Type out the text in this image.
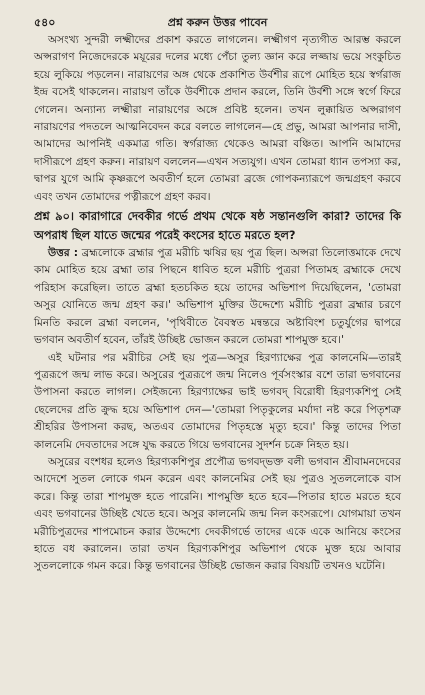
৫৪০	প্রশ্ন করুন উত্তর পাবেন

অসংখ্য সুন্দরী লক্ষ্মীদের প্রকাশ করতে লাগলেন। লক্ষ্মীগণ নৃত্যগীত আরম্ভ করলে অপ্সরাগণ নিজেদেরকে ময়ূরের দলের মধ্যে পেঁচা তুল্য জ্ঞান করে লজ্জায় ভয়ে সংকুচিত হয়ে লুকিয়ে পড়লেন। নারায়ণের অঙ্গ থেকে প্রকাশিত উর্বশীর রূপে মোহিত হয়ে স্বর্গরাজ ইন্দ্র বসেই থাকলেন। নারায়ণ তাঁকে উর্বশীকে প্রদান করলে, তিনি উর্বশী সঙ্গে স্বর্গে ফিরে গেলেন। অন্যান্য লক্ষ্মীরা নারায়ণের অঙ্গে প্রবিষ্ট হলেন। তখন লুক্কায়িত অপ্সরাগণ নারায়ণের পদতলে আত্মনিবেদন করে বলতে লাগলেন—হে প্রভু, আমরা আপনার দাসী, আমাদের আপনিই একমাত্র গতি। স্বর্গরাজ্য থেকেও আমরা বঞ্চিত। আপনি আমাদের দাসীরূপে গ্রহণ করুন। নারায়ণ বললেন—এখন সত্যযুগ। এখন তোমরা ধ্যান তপস্যা কর, দ্বাপর যুগে আমি কৃষ্ণরূপে অবতীর্ণ হলে তোমরা ব্রজে গোপকন্যারূপে জন্মগ্রহণ করবে এবং তখন তোমাদের পত্নীরূপে গ্রহণ করব।

প্রশ্ন ৯০। কারাগারে দেবকীর গর্ভে প্রথম থেকে ষষ্ঠ সন্তানগুলি কারা? তাদের কি অপরাধ ছিল যাতে জন্মের পরেই কংসের হাতে মরতে হল?

উত্তর : ব্রহ্মলোকে ব্রহ্মার পুত্র মরীচি ঋষির ছয় পুত্র ছিল। অপ্সরা তিলোত্তমাকে দেখে কাম মোহিত হয়ে ব্রহ্মা তার পিছনে ধাবিত হলে মরীচি পুত্ররা পিতামহ ব্রহ্মাকে দেখে পরিহাস করেছিল। তাতে ব্রহ্মা হতচকিত হয়ে তাদের অভিশাপ দিয়েছিলেন, 'তোমরা অসুর যোনিতে জন্ম গ্রহণ কর।' অভিশাপ মুক্তির উদ্দেশ্যে মরীচি পুত্ররা ব্রহ্মার চরণে মিনতি করলে ব্রহ্মা বললেন, 'পৃথিবীতে বৈবস্বত মন্বন্তরে অষ্টাবিংশ চতুর্যুগের দ্বাপরে ভগবান অবতীর্ণ হবেন, তাঁরই উচ্ছিষ্ট ভোজন করলে তোমরা শাপমুক্ত হবে।'

এই ঘটনার পর মরীচির সেই ছয় পুত্র—অসুর হিরণ্যাক্ষের পুত্র কালনেমি—তারই পুত্ররূপে জন্ম লাভ করে। অসুরের পুত্ররূপে জন্ম নিলেও পূর্বসংস্কার বশে তারা ভগবানের উপাসনা করতে লাগল। সেইজন্যে হিরণ্যাক্ষের ভাই ভগবদ্ বিরোধী হিরণ্যকশিপু সেই ছেলেদের প্রতি ক্রুদ্ধ হয়ে অভিশাপ দেন—'তোমরা পিতৃকুলের মর্যাদা নষ্ট করে পিতৃশত্রু শ্রীহরির উপাসনা করছ, অতএব তোমাদের পিতৃহস্তে মৃত্যু হবে।' কিন্তু তাদের পিতা কালনেমি দেবতাদের সঙ্গে যুদ্ধ করতে গিয়ে ভগবানের সুদর্শন চক্রে নিহত হয়।

অসুরের বংশধর হলেও হিরণ্যকশিপুর প্রপৌত্র ভগবদ্‌ভক্ত বলী ভগবান শ্রীবামনদেবের আদেশে সুতল লোকে গমন করেন এবং কালনেমির সেই ছয় পুত্রও সুতললোকে বাস করে। কিন্তু তারা শাপমুক্ত হতে পারেনি। শাপমুক্তি হতে হবে—পিতার হাতে মরতে হবে এবং ভগবানের উচ্ছিষ্ট খেতে হবে। অসুর কালনেমি জন্ম নিল কংসরূপে। যোগমায়া তখন মরীচিপুত্রদের শাপমোচন করার উদ্দেশ্যে দেবকীগর্ভে তাদের একে একে আনিয়ে কংসের হাতে বধ করালেন। তারা তখন হিরণ্যকশিপুর অভিশাপ থেকে মুক্ত হয়ে আবার সুতললোকে গমন করে। কিন্তু ভগবানের উচ্ছিষ্ট ভোজন করার বিষয়টি তখনও ঘটেনি।
